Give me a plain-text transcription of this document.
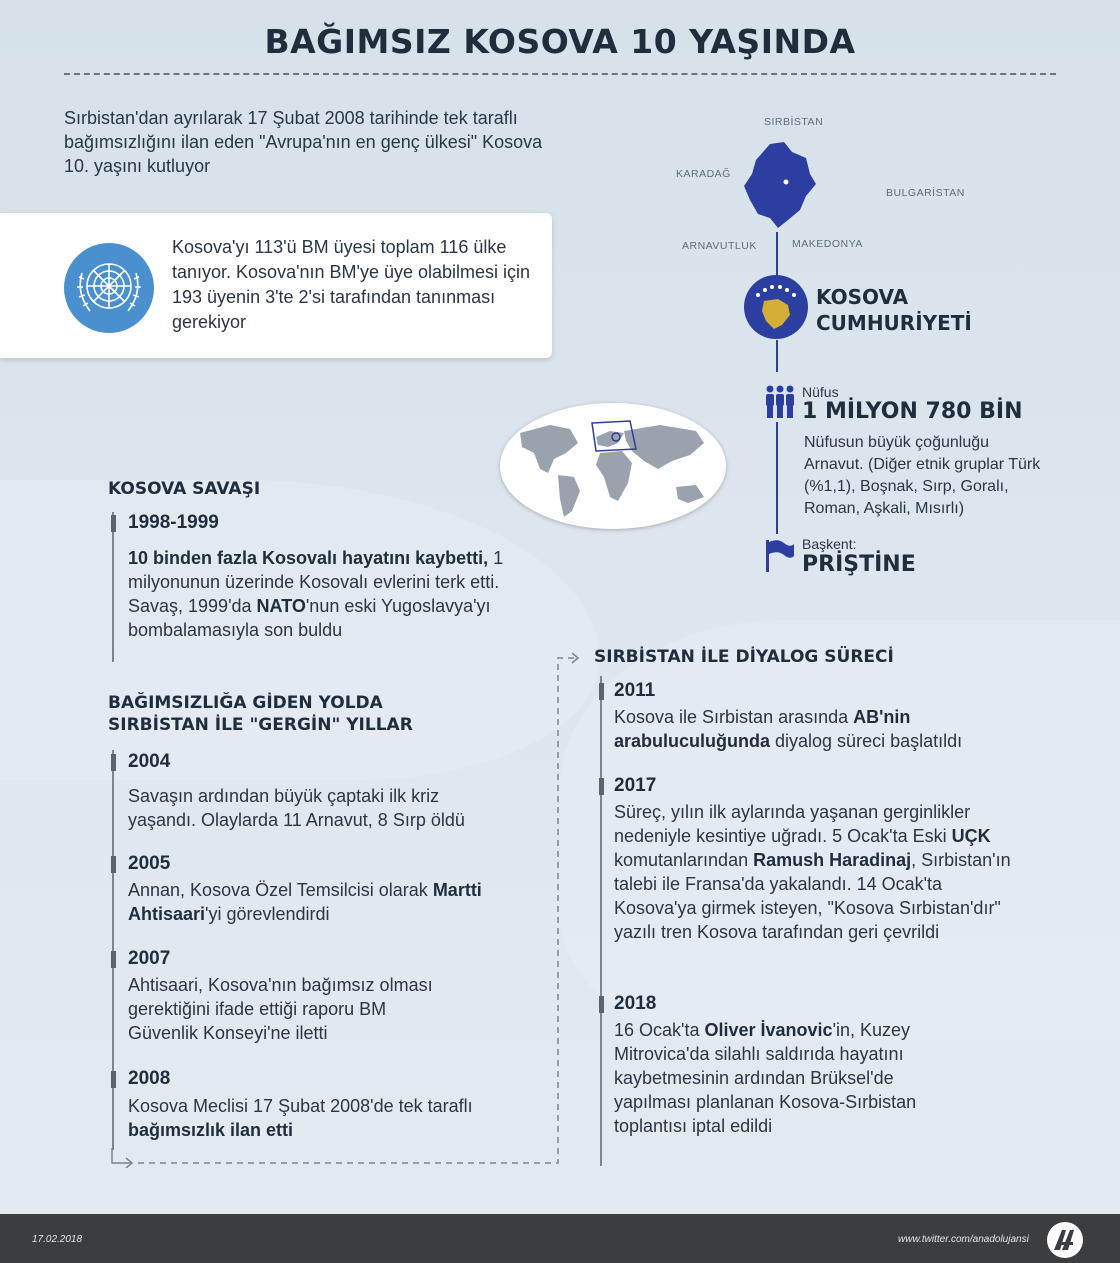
BAĞIMSIZ KOSOVA 10 YAŞINDA
Sırbistan'dan ayrılarak 17 Şubat 2008 tarihinde tek taraflı bağımsızlığını ilan eden "Avrupa'nın en genç ülkesi" Kosova 10. yaşını kutluyor
Kosova'yı 113'ü BM üyesi toplam 116 ülke tanıyor. Kosova'nın BM'ye üye olabilmesi için 193 üyenin 3'te 2'si tarafından tanınması gerekiyor
SIRBİSTAN
KARADAĞ
BULGARİSTAN
ARNAVUTLUK	MAKEDONYA
KOSOVA
CUMHURİYETİ
Nüfus
1 MİLYON 780 BİN
Nüfusun büyük çoğunluğu Arnavut. (Diğer etnik gruplar Türk (%1,1), Boşnak, Sırp, Goralı, Roman, Aşkali, Mısırlı)
Başkent:
PRİŞTİNE
KOSOVA SAVAŞI
1998-1999
10 binden fazla Kosovalı hayatını kaybetti, 1 milyonunun üzerinde Kosovalı evlerini terk etti. Savaş, 1999'da NATO'nun eski Yugoslavya'yı bombalamasıyla son buldu
BAĞIMSIZLIĞA GİDEN YOLDA
SIRBİSTAN İLE "GERGİN" YILLAR
2004
Savaşın ardından büyük çaptaki ilk kriz yaşandı. Olaylarda 11 Arnavut, 8 Sırp öldü
2005
Annan, Kosova Özel Temsilcisi olarak Martti Ahtisaari'yi görevlendirdi
2007
Ahtisaari, Kosova'nın bağımsız olması gerektiğini ifade ettiği raporu BM Güvenlik Konseyi'ne iletti
2008
Kosova Meclisi 17 Şubat 2008'de tek taraflı bağımsızlık ilan etti
SIRBİSTAN İLE DİYALOG SÜRECİ
2011
Kosova ile Sırbistan arasında AB'nin arabuluculuğunda diyalog süreci başlatıldı
2017
Süreç, yılın ilk aylarında yaşanan gerginlikler nedeniyle kesintiye uğradı. 5 Ocak'ta Eski UÇK komutanlarından Ramush Haradinaj, Sırbistan'ın talebi ile Fransa'da yakalandı. 14 Ocak'ta Kosova'ya girmek isteyen, "Kosova Sırbistan'dır" yazılı tren Kosova tarafından geri çevrildi
2018
16 Ocak'ta Oliver İvanovic'in, Kuzey Mitrovica'da silahlı saldırıda hayatını kaybetmesinin ardından Brüksel'de yapılması planlanan Kosova-Sırbistan toplantısı iptal edildi
17.02.2018	www.twitter.com/anadolujansi
